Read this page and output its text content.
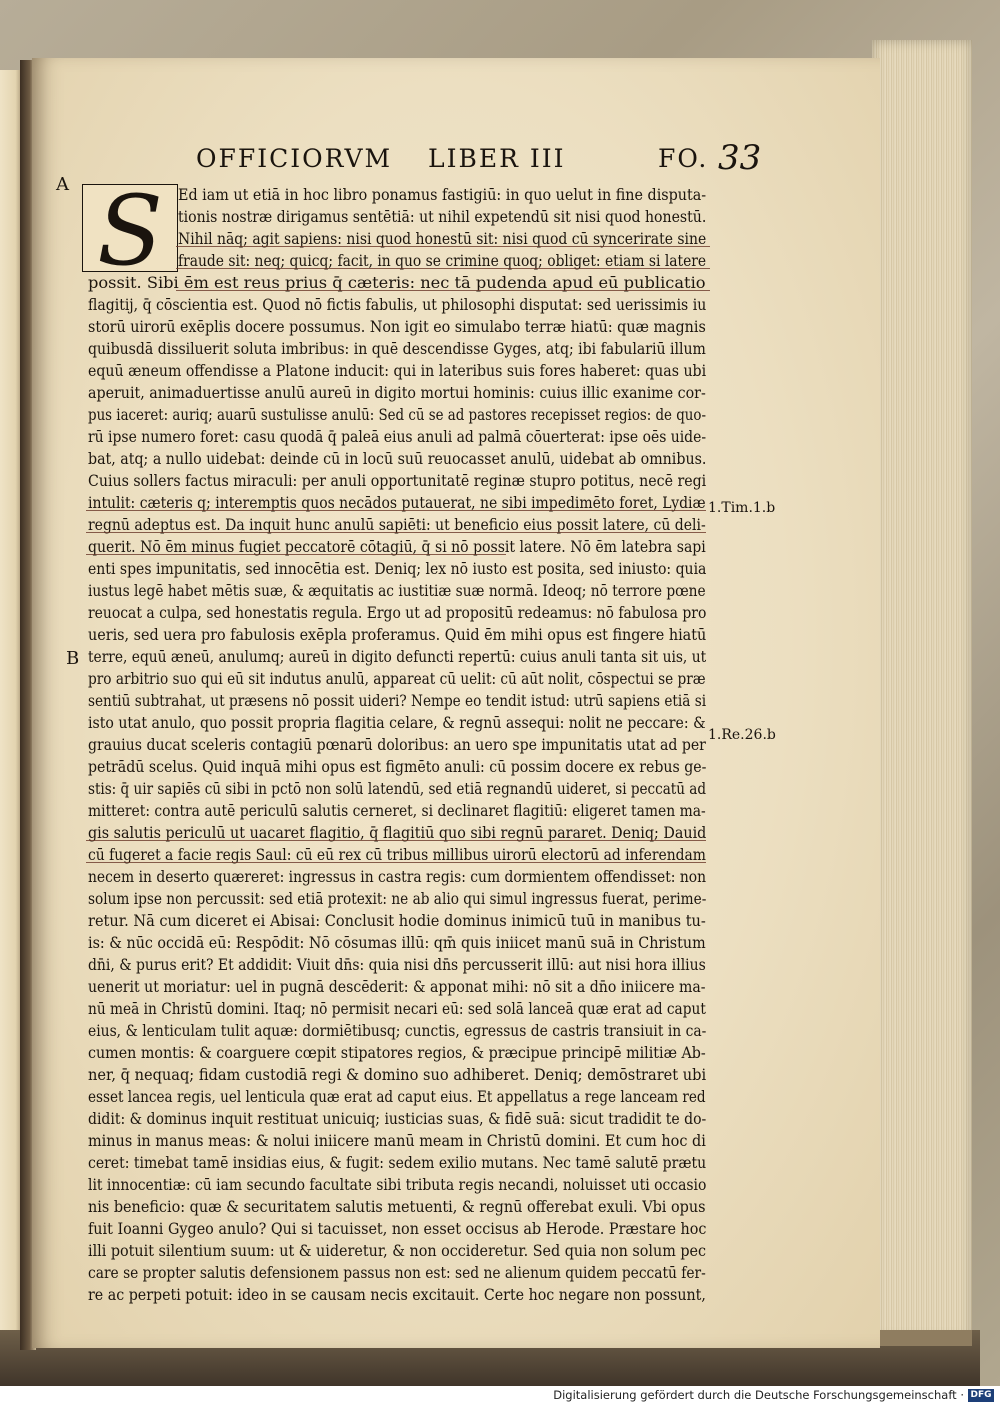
OFFICIORVM LIBER III	FO. 33
A
B
1.Tim.1.b
1.Re.26.b
S Ed iam ut etiā in hoc libro ponamus fastigiū: in quo uelut in fine disputa-
tionis nostræ dirigamus sentētiā: ut nihil expetendū sit nisi quod honestū.
Nihil nāq; agit sapiens: nisi quod honestū sit: nisi quod cū syncerirate sine
fraude sit: neq; quicq; facit, in quo se crimine quoq; obliget: etiam si latere
possit. Sibi ēm est reus prius q̄ cæteris: nec tā pudenda apud eū publicatio
flagitij, q̄ cōscientia est. Quod nō fictis fabulis, ut philosophi disputat: sed uerissimis iu
storū uirorū exēplis docere possumus. Non igit eo simulabo terræ hiatū: quæ magnis
quibusdā dissiluerit soluta imbribus: in quē descendisse Gyges, atq; ibi fabulariū illum
equū æneum offendisse a Platone inducit: qui in lateribus suis fores haberet: quas ubi
aperuit, animaduertisse anulū aureū in digito mortui hominis: cuius illic exanime cor-
pus iaceret: auriq; auarū sustulisse anulū: Sed cū se ad pastores recepisset regios: de quo-
rū ipse numero foret: casu quodā q̄ paleā eius anuli ad palmā cōuerterat: ipse oēs uide-
bat, atq; a nullo uidebat: deinde cū in locū suū reuocasset anulū, uidebat ab omnibus.
Cuius sollers factus miraculi: per anuli opportunitatē reginæ stupro potitus, necē regi
intulit: cæteris q; interemptis quos necādos putauerat, ne sibi impedimēto foret, Lydiæ
regnū adeptus est. Da inquit hunc anulū sapiēti: ut beneficio eius possit latere, cū deli-
querit. Nō ēm minus fugiet peccatorē cōtagiū, q̄ si nō possit latere. Nō ēm latebra sapi
enti spes impunitatis, sed innocētia est. Deniq; lex nō iusto est posita, sed iniusto: quia
iustus legē habet mētis suæ, & æquitatis ac iustitiæ suæ normā. Ideoq; nō terrore pœne
reuocat a culpa, sed honestatis regula. Ergo ut ad propositū redeamus: nō fabulosa pro
ueris, sed uera pro fabulosis exēpla proferamus. Quid ēm mihi opus est fingere hiatū
terre, equū æneū, anulumq; aureū in digito defuncti repertū: cuius anuli tanta sit uis, ut
pro arbitrio suo qui eū sit indutus anulū, appareat cū uelit: cū aūt nolit, cōspectui se præ
sentiū subtrahat, ut præsens nō possit uideri? Nempe eo tendit istud: utrū sapiens etiā si
isto utat anulo, quo possit propria flagitia celare, & regnū assequi: nolit ne peccare: &
grauius ducat sceleris contagiū pœnarū doloribus: an uero spe impunitatis utat ad per
petrādū scelus. Quid inquā mihi opus est figmēto anuli: cū possim docere ex rebus ge-
stis: q̄ uir sapiēs cū sibi in pctō non solū latendū, sed etiā regnandū uideret, si peccatū ad
mitteret: contra autē periculū salutis cerneret, si declinaret flagitiū: eligeret tamen ma-
gis salutis periculū ut uacaret flagitio, q̄ flagitiū quo sibi regnū pararet. Deniq; Dauid
cū fugeret a facie regis Saul: cū eū rex cū tribus millibus uirorū electorū ad inferendam
necem in deserto quæreret: ingressus in castra regis: cum dormientem offendisset: non
solum ipse non percussit: sed etiā protexit: ne ab alio qui simul ingressus fuerat, perime-
retur. Nā cum diceret ei Abisai: Conclusit hodie dominus inimicū tuū in manibus tu-
is: & nūc occidā eū: Respōdit: Nō cōsumas illū: qm̄ quis iniicet manū suā in Christum
dn̄i, & purus erit? Et addidit: Viuit dn̄s: quia nisi dn̄s percusserit illū: aut nisi hora illius
uenerit ut moriatur: uel in pugnā descēderit: & apponat mihi: nō sit a dn̄o iniicere ma-
nū meā in Christū domini. Itaq; nō permisit necari eū: sed solā lanceā quæ erat ad caput
eius, & lenticulam tulit aquæ: dormiētibusq; cunctis, egressus de castris transiuit in ca-
cumen montis: & coarguere cœpit stipatores regios, & præcipue principē militiæ Ab-
ner, q̄ nequaq; fidam custodiā regi & domino suo adhiberet. Deniq; demōstraret ubi
esset lancea regis, uel lenticula quæ erat ad caput eius. Et appellatus a rege lanceam red
didit: & dominus inquit restituat unicuiq; iusticias suas, & fidē suā: sicut tradidit te do-
minus in manus meas: & nolui iniicere manū meam in Christū domini. Et cum hoc di
ceret: timebat tamē insidias eius, & fugit: sedem exilio mutans. Nec tamē salutē prætu
lit innocentiæ: cū iam secundo facultate sibi tributa regis necandi, noluisset uti occasio
nis beneficio: quæ & securitatem salutis metuenti, & regnū offerebat exuli. Vbi opus
fuit Ioanni Gygeo anulo? Qui si tacuisset, non esset occisus ab Herode. Præstare hoc
illi potuit silentium suum: ut & uideretur, & non occideretur. Sed quia non solum pec
care se propter salutis defensionem passus non est: sed ne alienum quidem peccatū fer-
re ac perpeti potuit: ideo in se causam necis excitauit. Certe hoc negare non possunt,
Digitalisierung gefördert durch die Deutsche Forschungsgemeinschaft · DFG
